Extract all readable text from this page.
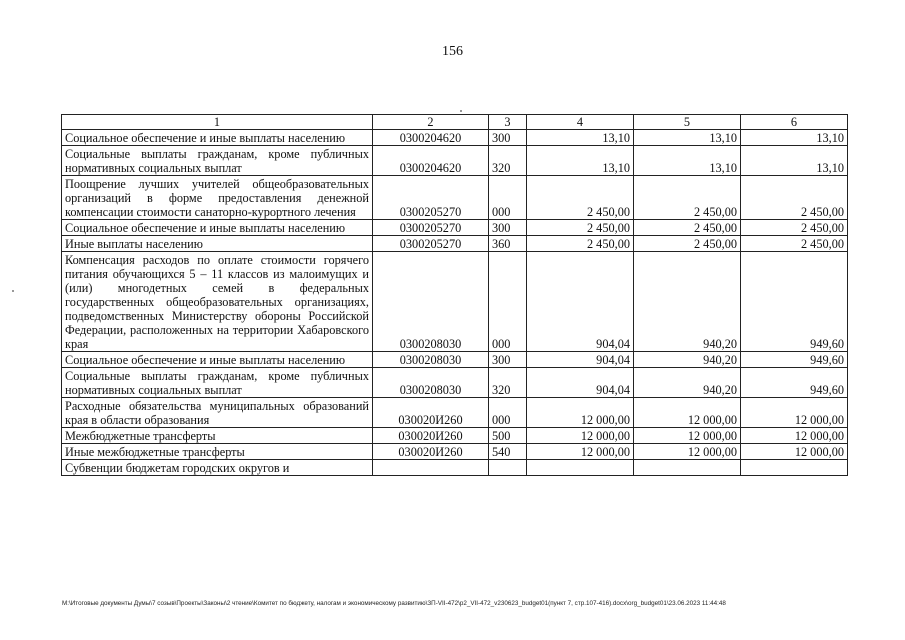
156
1	2	3	4	5	6
Социальное обеспечение и иные выплаты населению	0300204620	300	13,10	13,10	13,10
Социальные выплаты гражданам, кроме публичных нормативных социальных выплат	0300204620	320	13,10	13,10	13,10
Поощрение лучших учителей общеобразовательных организаций в форме предоставления денежной компенсации стоимости санаторно-курортного лечения	0300205270	000	2 450,00	2 450,00	2 450,00
Социальное обеспечение и иные выплаты населению	0300205270	300	2 450,00	2 450,00	2 450,00
Иные выплаты населению	0300205270	360	2 450,00	2 450,00	2 450,00
Компенсация расходов по оплате стоимости горячего питания обучающихся 5 – 11 классов из малоимущих и (или) многодетных семей в федеральных государственных общеобразовательных организациях, подведомственных Министерству обороны Российской Федерации, расположенных на территории Хабаровского края	0300208030	000	904,04	940,20	949,60
Социальное обеспечение и иные выплаты населению	0300208030	300	904,04	940,20	949,60
Социальные выплаты гражданам, кроме публичных нормативных социальных выплат	0300208030	320	904,04	940,20	949,60
Расходные обязательства муниципальных образований края в области образования	030020И260	000	12 000,00	12 000,00	12 000,00
Межбюджетные трансферты	030020И260	500	12 000,00	12 000,00	12 000,00
Иные межбюджетные трансферты	030020И260	540	12 000,00	12 000,00	12 000,00
Субвенции бюджетам городских округов и					
M:\Итоговые документы Думы\7 созыв\Проекты\Законы\2 чтение\Комитет по бюджету, налогам и экономическому развитию\ЗП-VII-472\р2_VII-472_v230623_budget01(пункт 7, стр.107-416).docx\org_budget01\23.06.2023 11:44:48
